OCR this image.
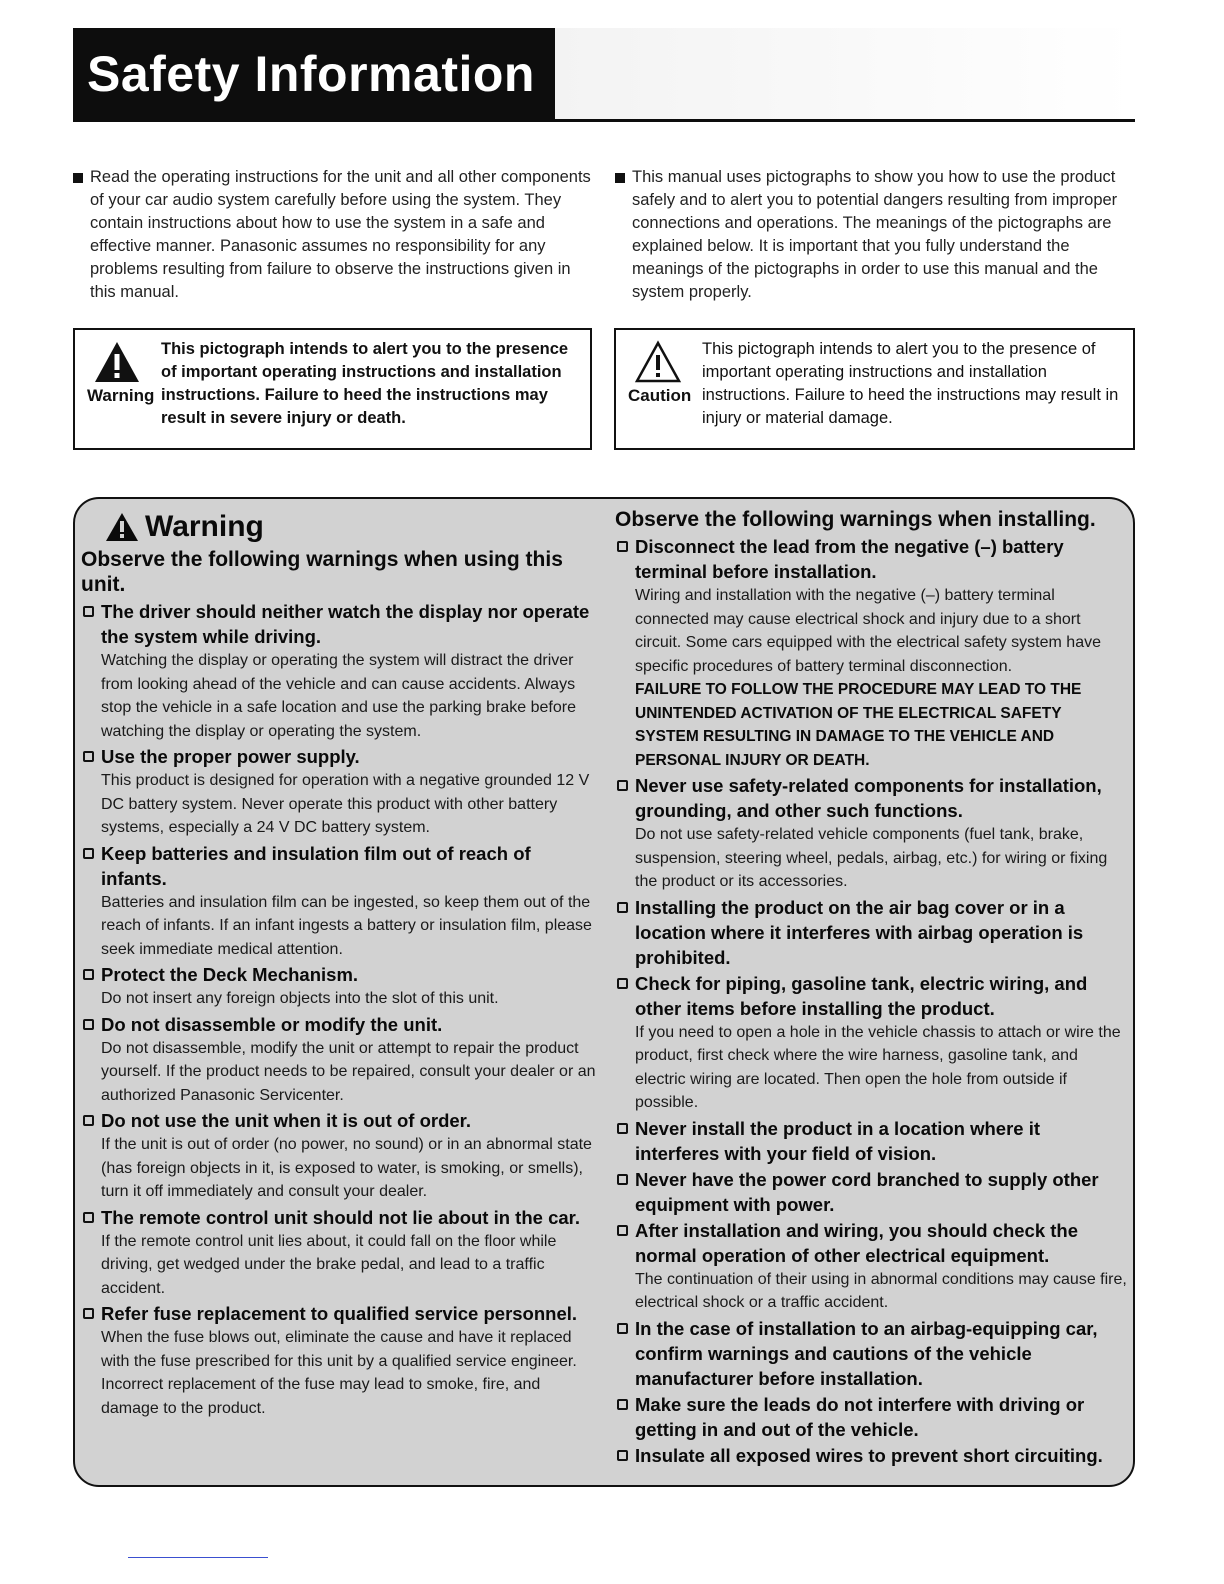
Safety Information
Read the operating instructions for the unit and all other components of your car audio system carefully before using the system. They contain instructions about how to use the system in a safe and effective manner. Panasonic assumes no responsibility for any problems resulting from failure to observe the instructions given in this manual.
This manual uses pictographs to show you how to use the product safely and to alert you to potential dangers resulting from improper connections and operations. The meanings of the pictographs are explained below. It is important that you fully understand the meanings of the pictographs in order to use this manual and the system properly.
Warning
This pictograph intends to alert you to the presence of important operating instructions and installation instructions. Failure to heed the instructions may result in severe injury or death.
Caution
This pictograph intends to alert you to the presence of important operating instructions and installation instructions. Failure to heed the instructions may result in injury or material damage.
Warning
Observe the following warnings when using this unit.
The driver should neither watch the display nor operate the system while driving.
Watching the display or operating the system will distract the driver from looking ahead of the vehicle and can cause accidents. Always stop the vehicle in a safe location and use the parking brake before watching the display or operating the system.
Use the proper power supply.
This product is designed for operation with a negative grounded 12 V DC battery system. Never operate this product with other battery systems, especially a 24 V DC battery system.
Keep batteries and insulation film out of reach of infants.
Batteries and insulation film can be ingested, so keep them out of the reach of infants. If an infant ingests a battery or insulation film, please seek immediate medical attention.
Protect the Deck Mechanism.
Do not insert any foreign objects into the slot of this unit.
Do not disassemble or modify the unit.
Do not disassemble, modify the unit or attempt to repair the product yourself. If the product needs to be repaired, consult your dealer or an authorized Panasonic Servicenter.
Do not use the unit when it is out of order.
If the unit is out of order (no power, no sound) or in an abnormal state (has foreign objects in it, is exposed to water, is smoking, or smells), turn it off immediately and consult your dealer.
The remote control unit should not lie about in the car.
If the remote control unit lies about, it could fall on the floor while driving, get wedged under the brake pedal, and lead to a traffic accident.
Refer fuse replacement to qualified service personnel.
When the fuse blows out, eliminate the cause and have it replaced with the fuse prescribed for this unit by a qualified service engineer. Incorrect replacement of the fuse may lead to smoke, fire, and damage to the product.
Observe the following warnings when installing.
Disconnect the lead from the negative (–) battery terminal before installation.
Wiring and installation with the negative (–) battery terminal connected may cause electrical shock and injury due to a short circuit. Some cars equipped with the electrical safety system have specific procedures of battery terminal disconnection.
FAILURE TO FOLLOW THE PROCEDURE MAY LEAD TO THE UNINTENDED ACTIVATION OF THE ELECTRICAL SAFETY SYSTEM RESULTING IN DAMAGE TO THE VEHICLE AND PERSONAL INJURY OR DEATH.
Never use safety-related components for installation, grounding, and other such functions.
Do not use safety-related vehicle components (fuel tank, brake, suspension, steering wheel, pedals, airbag, etc.) for wiring or fixing the product or its accessories.
Installing the product on the air bag cover or in a location where it interferes with airbag operation is prohibited.
Check for piping, gasoline tank, electric wiring, and other items before installing the product.
If you need to open a hole in the vehicle chassis to attach or wire the product, first check where the wire harness, gasoline tank, and electric wiring are located. Then open the hole from outside if possible.
Never install the product in a location where it interferes with your field of vision.
Never have the power cord branched to supply other equipment with power.
After installation and wiring, you should check the normal operation of other electrical equipment.
The continuation of their using in abnormal conditions may cause fire, electrical shock or a traffic accident.
In the case of installation to an airbag-equipping car, confirm warnings and cautions of the vehicle manufacturer before installation.
Make sure the leads do not interfere with driving or getting in and out of the vehicle.
Insulate all exposed wires to prevent short circuiting.
